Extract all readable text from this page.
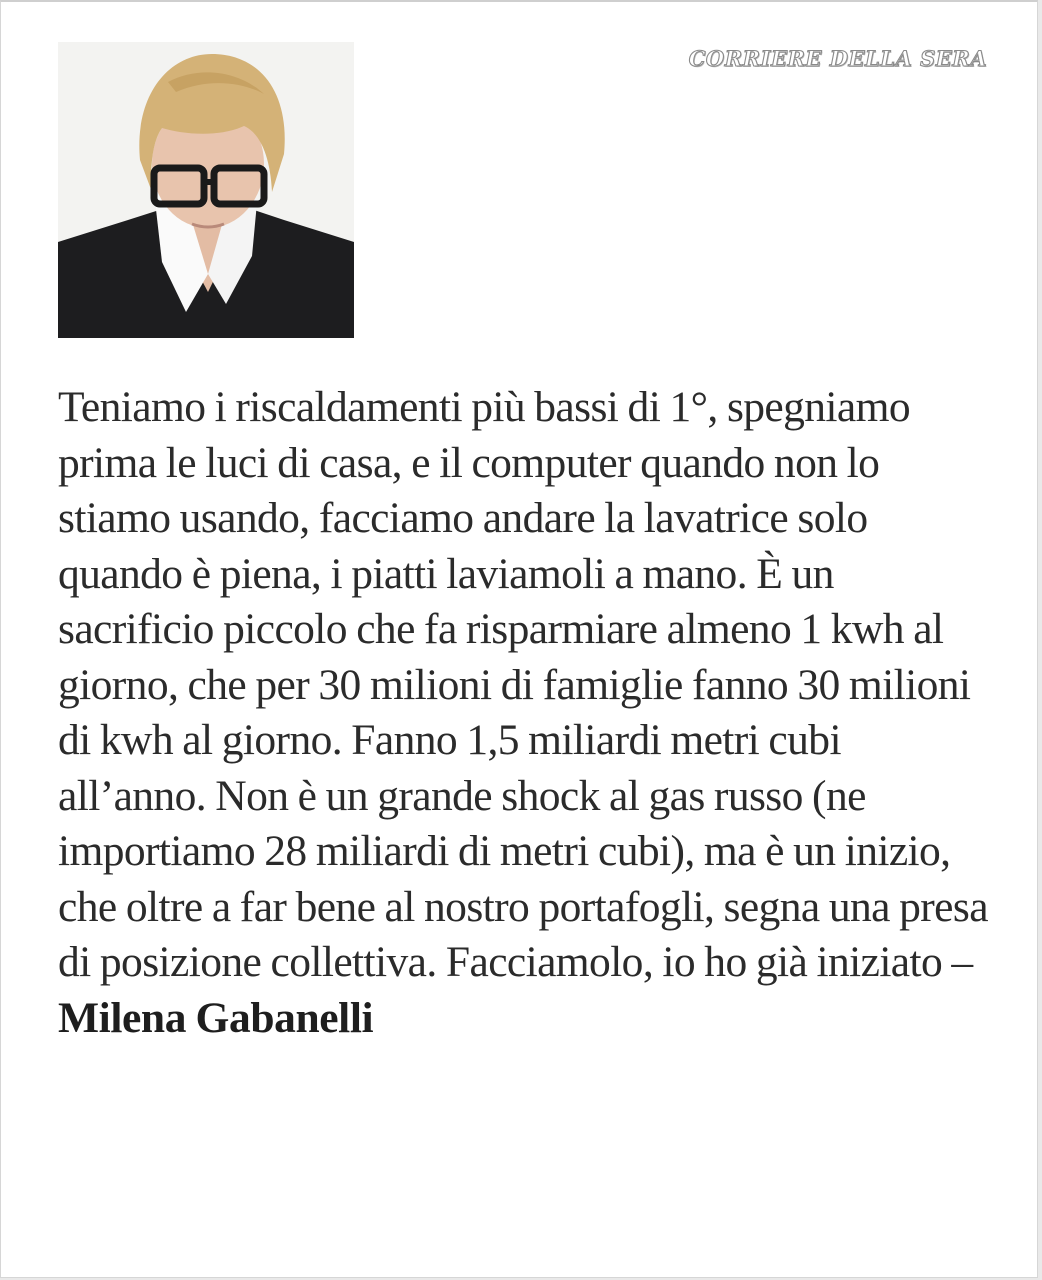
CORRIERE DELLA SERA

Teniamo i riscaldamenti più bassi di 1°, spegniamo prima le luci di casa, e il computer quando non lo stiamo usando, facciamo andare la lavatrice solo quando è piena, i piatti laviamoli a mano. È un sacrificio piccolo che fa risparmiare almeno 1 kwh al giorno, che per 30 milioni di famiglie fanno 30 milioni di kwh al giorno. Fanno 1,5 miliardi metri cubi all’anno. Non è un grande shock al gas russo (ne importiamo 28 miliardi di metri cubi), ma è un inizio, che oltre a far bene al nostro portafogli, segna una presa di posizione collettiva. Facciamolo, io ho già iniziato – Milena Gabanelli
